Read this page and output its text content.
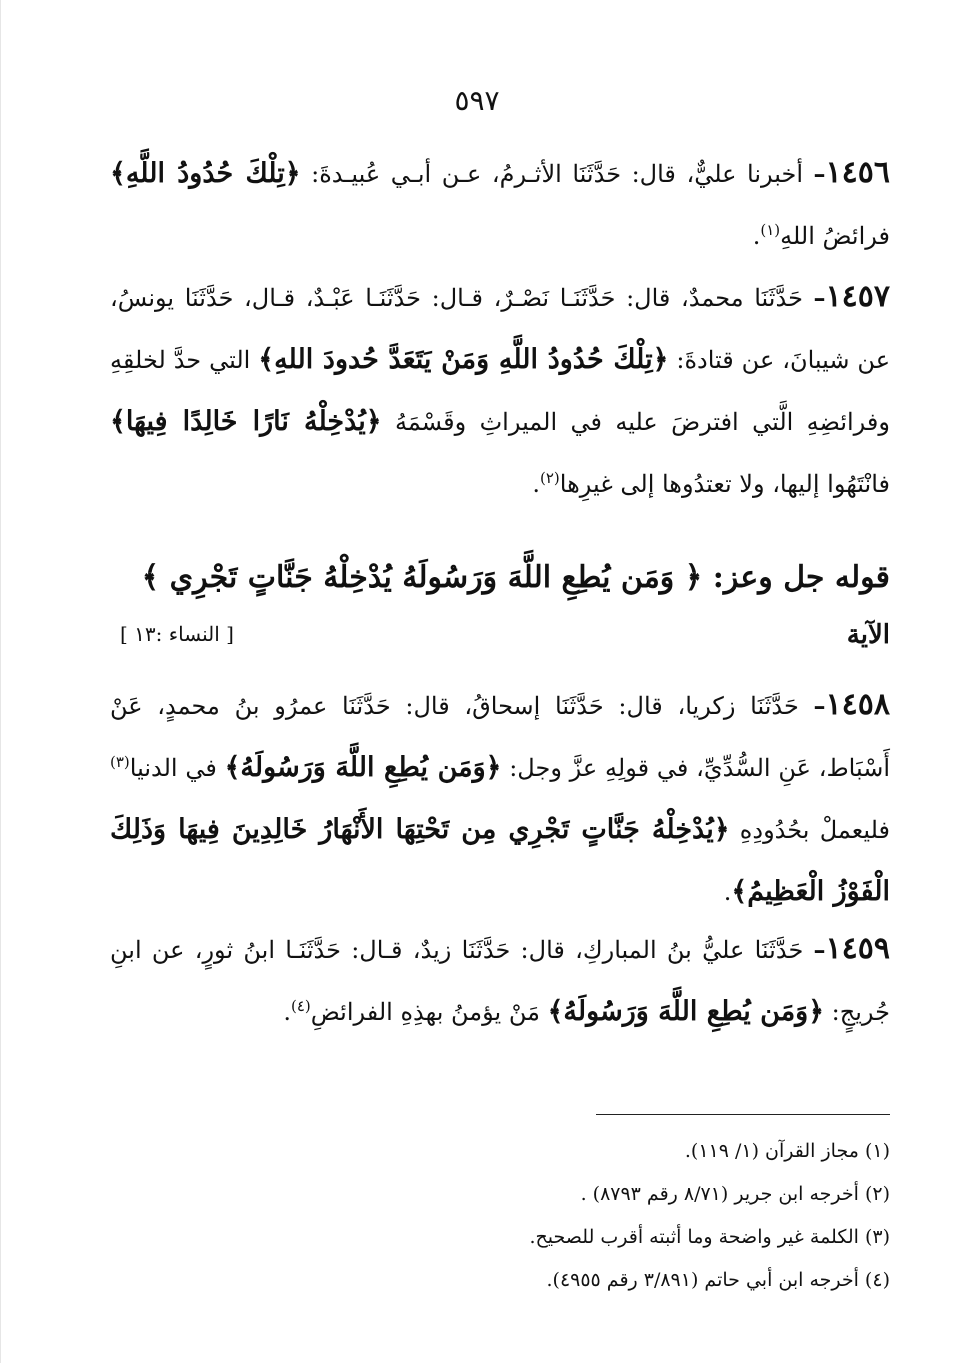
٥٩٧

١٤٥٦– أخبرنا عليٌّ، قال: حَدَّثَنَا الأثـرمُ، عـن أبـي عُبيـدةَ: ﴿تِلْكَ حُدُودُ اللَّهِ﴾ فرائضُ اللهِ$^{(١)}$.

١٤٥٧– حَدَّثَنَا محمدٌ، قال: حَدَّثَنَـا نَصْـرٌ، قـال: حَدَّثَنَـا عَبْـدٌ، قـال، حَدَّثَنَا يونسُ، عن شيبانَ، عن قتادةَ: ﴿تِلْكَ حُدُودُ اللَّهِ وَمَنْ يَتَعَدَّ حُدودَ اللهِ﴾ التي حدَّ لخلقِهِ وفرائضِهِ الَّتي افترضَ عليه في الميراثِ وقَسْمَهُ ﴿يُدْخِلْهُ نَارًا خَالِدًا فِيهَا﴾ فانْتَهُوا إليها، ولا تعتدُوها إلى غيرِها$^{(٢)}$.

قوله جل وعز: ﴿ وَمَن يُطِعِ اللَّهَ وَرَسُولَهُ يُدْخِلْهُ جَنَّاتٍ تَجْرِي ﴾

الآية
[ النساء :١٣ ]

١٤٥٨– حَدَّثَنَا زكريا، قال: حَدَّثَنَا إسحاقُ، قال: حَدَّثَنَا عمرُو بنُ محمدٍ، عَنْ أَسْبَاط، عَنِ السُّدِّيِّ، في قولِهِ عزَّ وجل: ﴿وَمَن يُطِعِ اللَّهَ وَرَسُولَهُ﴾ في الدنيا$^{(٣)}$ فليعملْ بحُدُودِهِ ﴿يُدْخِلْهُ جَنَّاتٍ تَجْرِي مِن تَحْتِهَا الأَنْهَارُ خَالِدِينَ فِيهَا وَذَلِكَ الْفَوْزُ الْعَظِيمُ﴾.

١٤٥٩– حَدَّثَنَا عليُّ بنُ المباركِ، قال: حَدَّثَنَا زيدٌ، قـال: حَدَّثَنَـا ابنُ ثورٍ، عن ابنِ جُريجٍ: ﴿وَمَن يُطِعِ اللَّهَ وَرَسُولَهُ﴾ مَنْ يؤمنُ بهذِهِ الفرائضِ$^{(٤)}$.

(١) مجاز القرآن (١/ ١١٩).

(٢) أخرجه ابن جرير (٨/٧١ رقم ٨٧٩٣) .

(٣) الكلمة غير واضحة وما أثبته أقرب للصحيح.

(٤) أخرجه ابن أبي حاتم (٣/٨٩١ رقم ٤٩٥٥).
